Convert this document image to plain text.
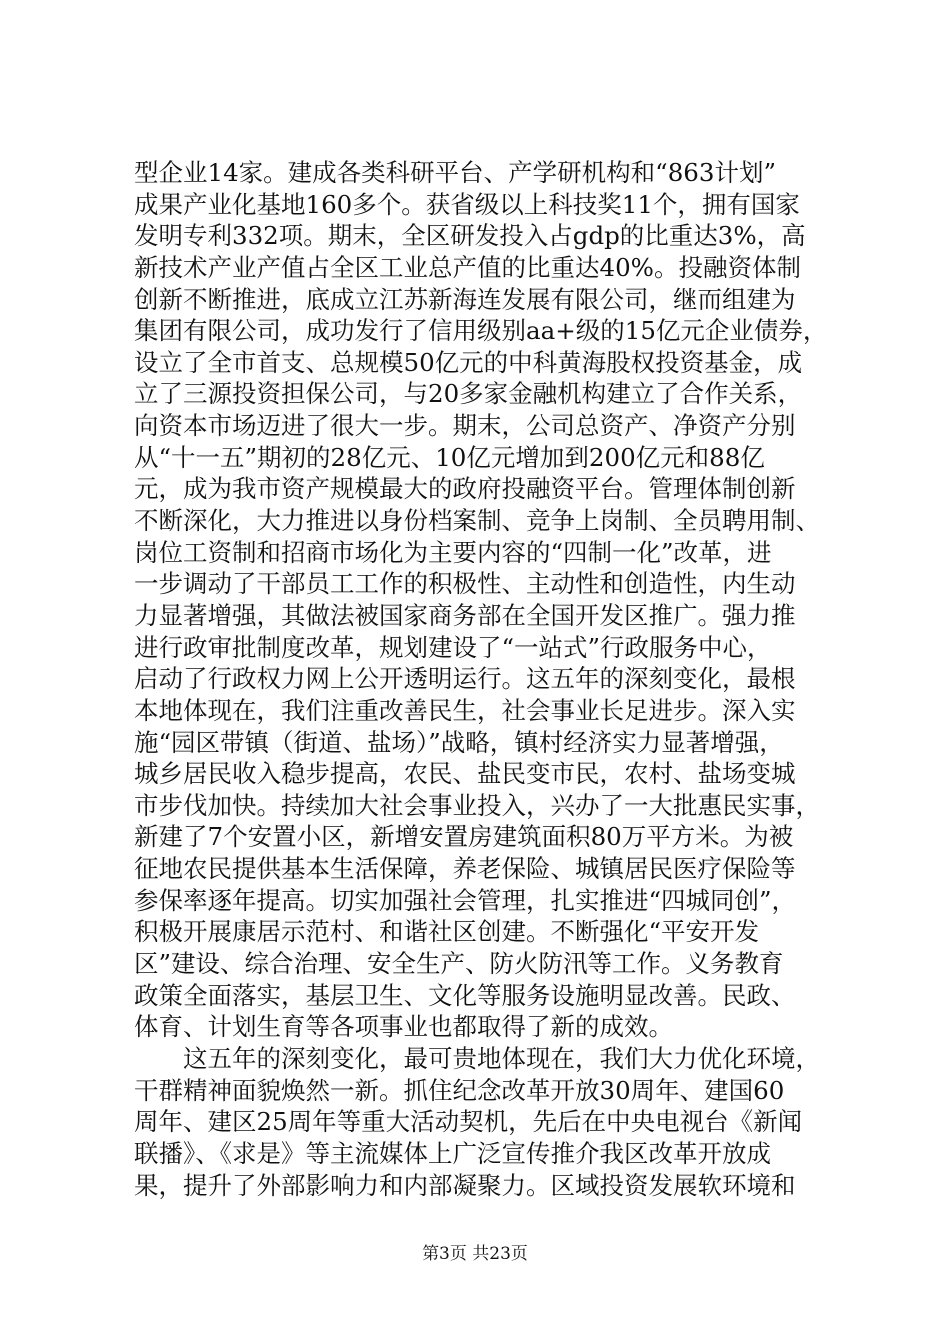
型企业14家。建成各类科研平台、产学研机构和“863计划”
成果产业化基地160多个。获省级以上科技奖11个，拥有国家
发明专利332项。期末，全区研发投入占gdp的比重达3%，高
新技术产业产值占全区工业总产值的比重达40%。投融资体制
创新不断推进，底成立江苏新海连发展有限公司，继而组建为
集团有限公司，成功发行了信用级别aa+级的15亿元企业债券，
设立了全市首支、总规模50亿元的中科黄海股权投资基金，成
立了三源投资担保公司，与20多家金融机构建立了合作关系，
向资本市场迈进了很大一步。期末，公司总资产、净资产分别
从“十一五”期初的28亿元、10亿元增加到200亿元和88亿
元，成为我市资产规模最大的政府投融资平台。管理体制创新
不断深化，大力推进以身份档案制、竞争上岗制、全员聘用制、
岗位工资制和招商市场化为主要内容的“四制一化”改革，进
一步调动了干部员工工作的积极性、主动性和创造性，内生动
力显著增强，其做法被国家商务部在全国开发区推广。强力推
进行政审批制度改革，规划建设了“一站式”行政服务中心，
启动了行政权力网上公开透明运行。这五年的深刻变化，最根
本地体现在，我们注重改善民生，社会事业长足进步。深入实
施“园区带镇（街道、盐场）”战略，镇村经济实力显著增强，
城乡居民收入稳步提高，农民、盐民变市民，农村、盐场变城
市步伐加快。持续加大社会事业投入，兴办了一大批惠民实事，
新建了7个安置小区，新增安置房建筑面积80万平方米。为被
征地农民提供基本生活保障，养老保险、城镇居民医疗保险等
参保率逐年提高。切实加强社会管理，扎实推进“四城同创”，
积极开展康居示范村、和谐社区创建。不断强化“平安开发
区”建设、综合治理、安全生产、防火防汛等工作。义务教育
政策全面落实，基层卫生、文化等服务设施明显改善。民政、
体育、计划生育等各项事业也都取得了新的成效。
这五年的深刻变化，最可贵地体现在，我们大力优化环境，
干群精神面貌焕然一新。抓住纪念改革开放30周年、建国60
周年、建区25周年等重大活动契机，先后在中央电视台《新闻
联播》、《求是》等主流媒体上广泛宣传推介我区改革开放成
果，提升了外部影响力和内部凝聚力。区域投资发展软环境和
第3页 共23页
